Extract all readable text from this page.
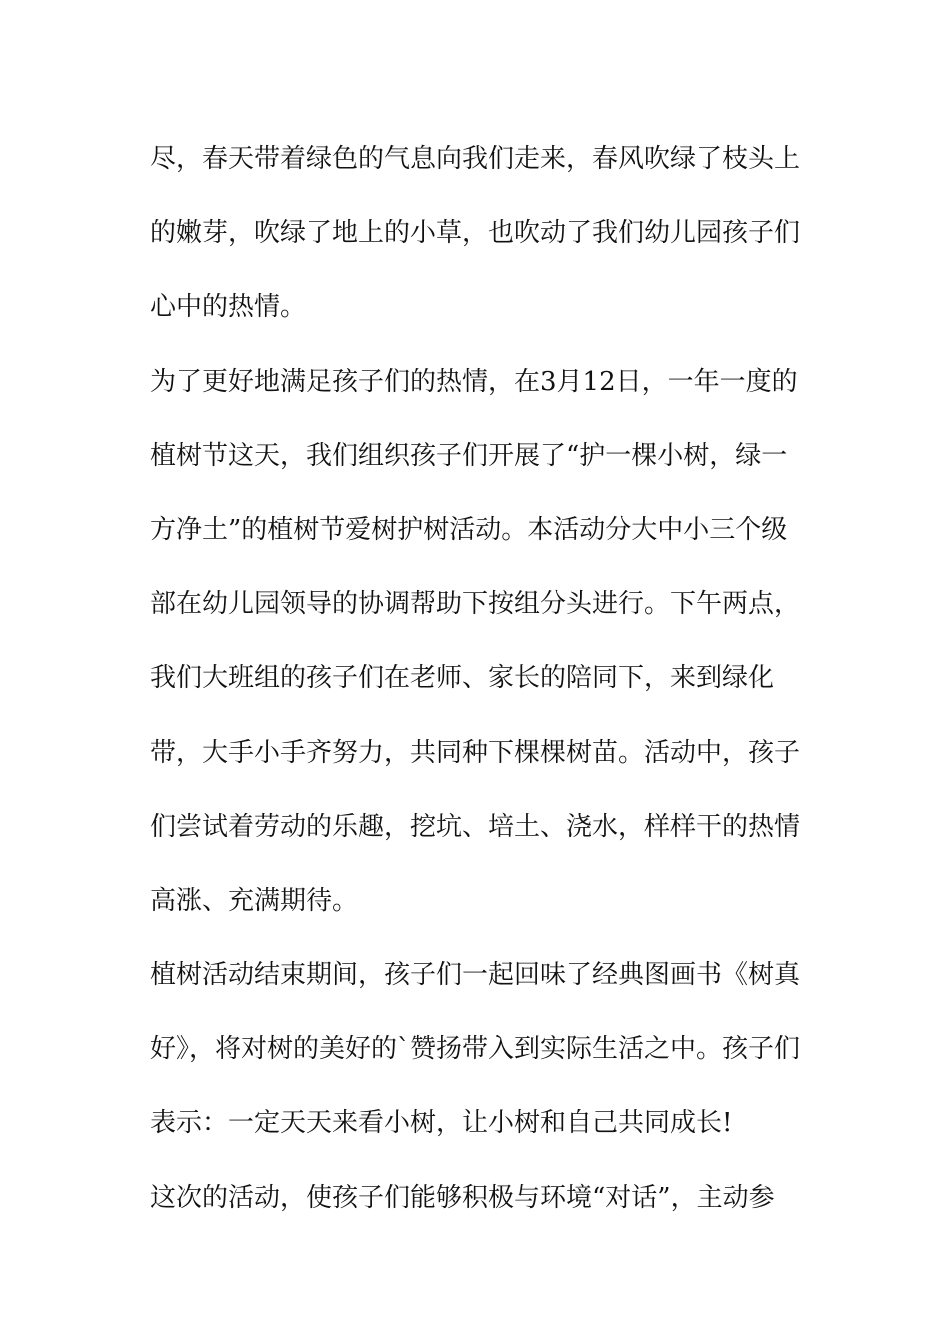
尽，春天带着绿色的气息向我们走来，春风吹绿了枝头上

的嫩芽，吹绿了地上的小草，也吹动了我们幼儿园孩子们

心中的热情。

为了更好地满足孩子们的热情，在3月12日，一年一度的

植树节这天，我们组织孩子们开展了“护一棵小树，绿一

方净土”的植树节爱树护树活动。本活动分大中小三个级

部在幼儿园领导的协调帮助下按组分头进行。下午两点，

我们大班组的孩子们在老师、家长的陪同下，来到绿化

带，大手小手齐努力，共同种下棵棵树苗。活动中，孩子

们尝试着劳动的乐趣，挖坑、培土、浇水，样样干的热情

高涨、充满期待。

植树活动结束期间，孩子们一起回味了经典图画书《树真

好》，将对树的美好的`赞扬带入到实际生活之中。孩子们

表示：一定天天来看小树，让小树和自己共同成长!

这次的活动，使孩子们能够积极与环境“对话”，主动参
